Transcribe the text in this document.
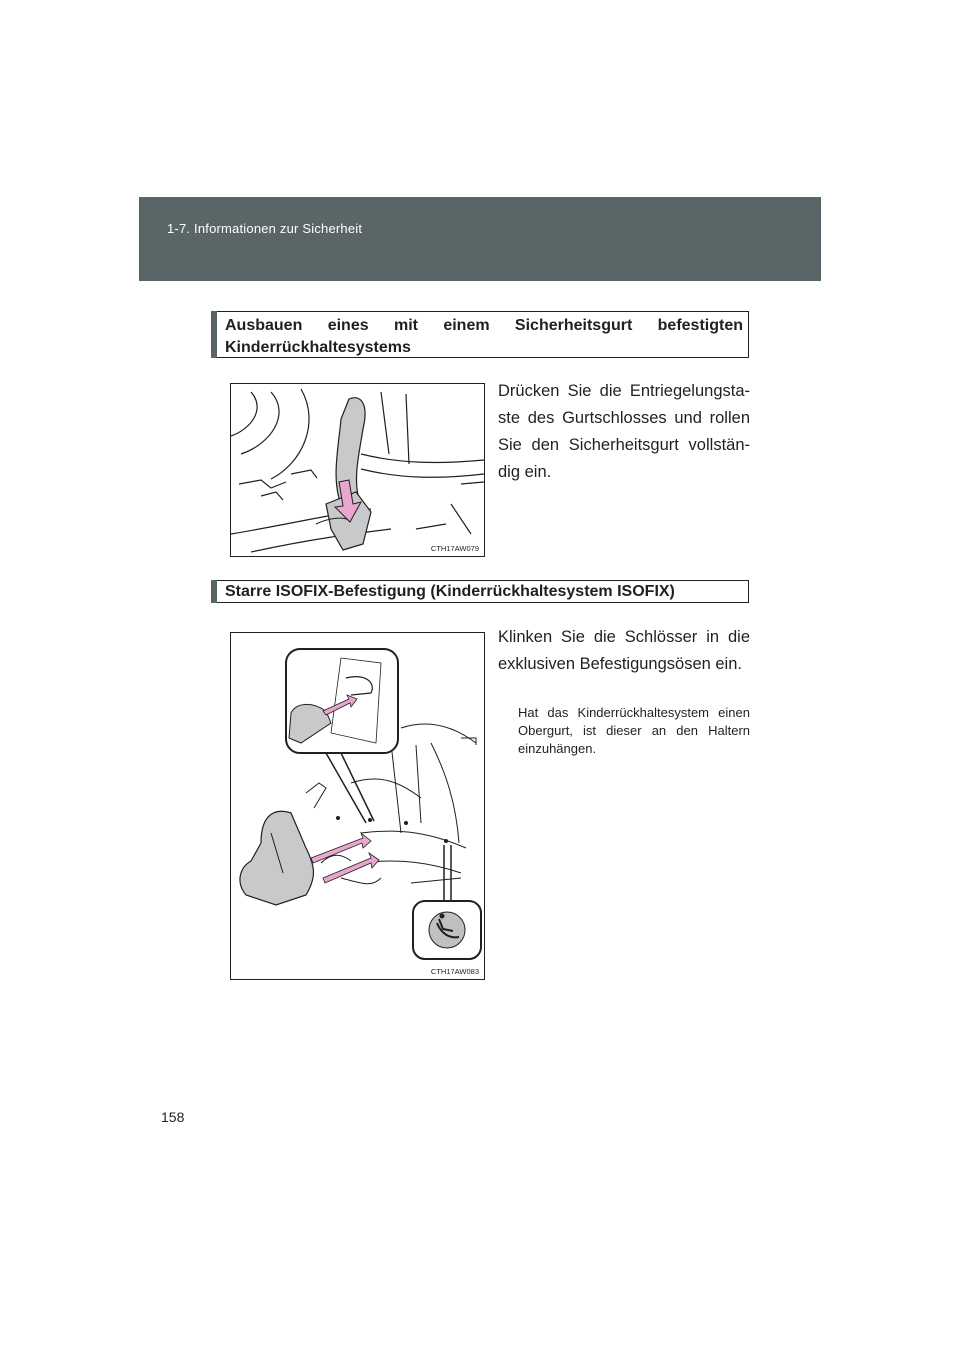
1-7. Informationen zur Sicherheit
Ausbauen eines mit einem Sicherheitsgurt befestigten Kinderrückhaltesystems
CTH17AW079
Drücken Sie die Entriegelungsta-ste des Gurtschlosses und rollen Sie den Sicherheitsgurt vollstän-dig ein.
Starre ISOFIX-Befestigung (Kinderrückhaltesystem ISOFIX)
CTH17AW083
Klinken Sie die Schlösser in die exklusiven Befestigungsösen ein.
Hat das Kinderrückhaltesystem einen Obergurt, ist dieser an den Haltern einzuhängen.
158
